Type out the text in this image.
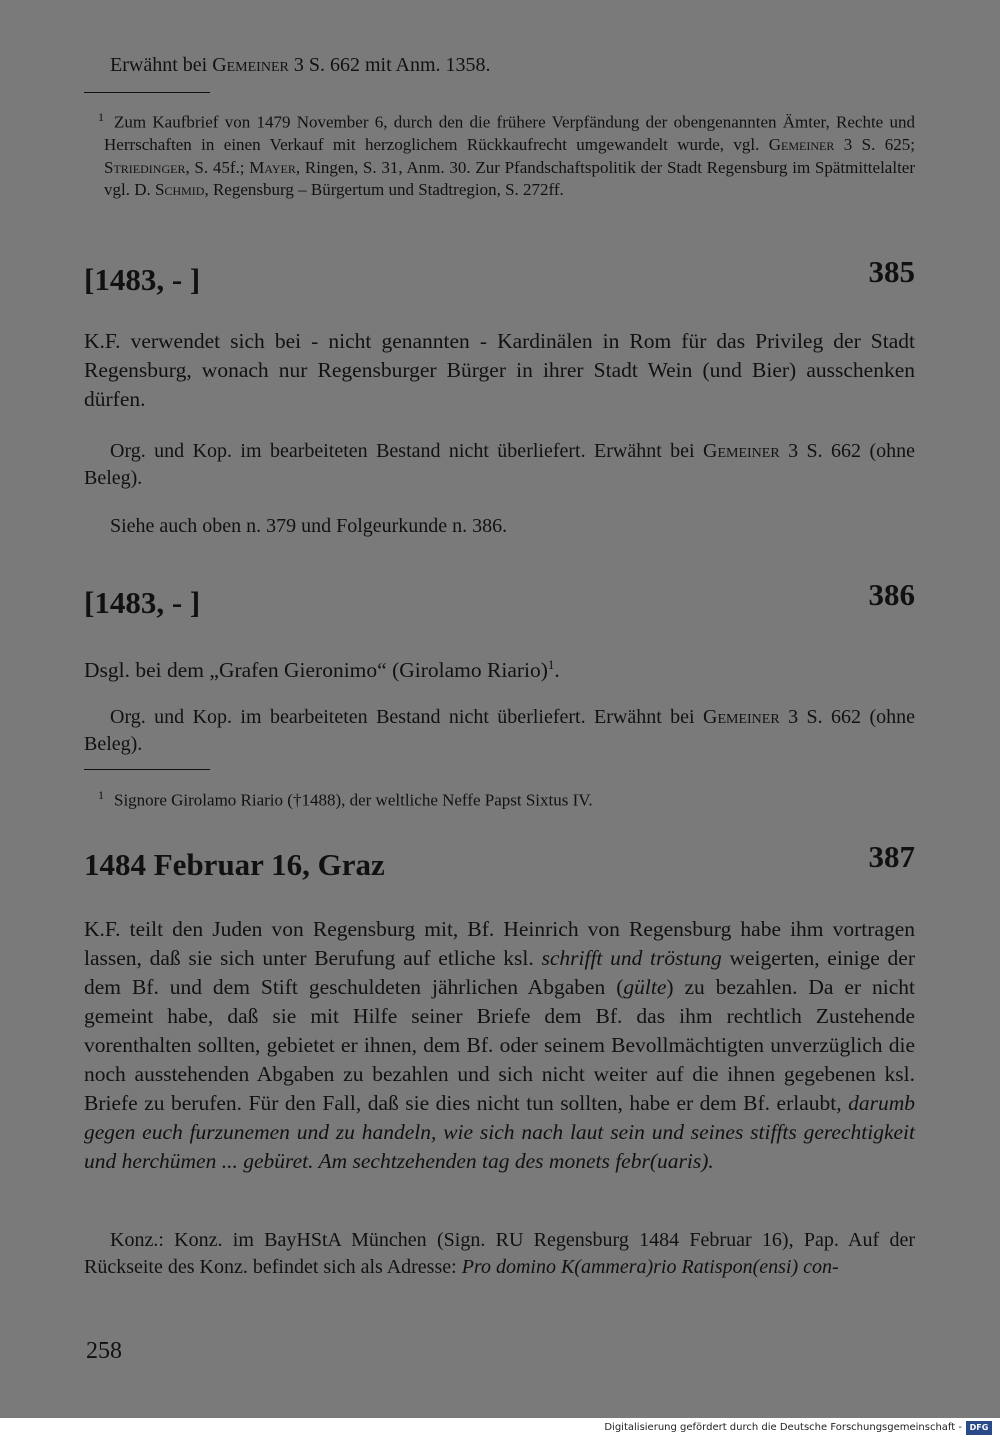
Erwähnt bei Gemeiner 3 S. 662 mit Anm. 1358.

$^1$ Zum Kaufbrief von 1479 November 6, durch den die frühere Verpfändung der obengenannten Ämter, Rechte und Herrschaften in einen Verkauf mit herzoglichem Rückkaufrecht umgewandelt wurde, vgl. Gemeiner 3 S. 625; Striedinger, S. 45f.; Mayer, Ringen, S. 31, Anm. 30. Zur Pfandschaftspolitik der Stadt Regensburg im Spätmittelalter vgl. D. Schmid, Regensburg – Bürgertum und Stadtregion, S. 272ff.

[1483, - ]	385

K.F. verwendet sich bei - nicht genannten - Kardinälen in Rom für das Privileg der Stadt Regensburg, wonach nur Regensburger Bürger in ihrer Stadt Wein (und Bier) ausschenken dürfen.

Org. und Kop. im bearbeiteten Bestand nicht überliefert. Erwähnt bei Gemeiner 3 S. 662 (ohne Beleg).

Siehe auch oben n. 379 und Folgeurkunde n. 386.

[1483, - ]	386

Dsgl. bei dem „Grafen Gieronimo“ (Girolamo Riario)$^1$.

Org. und Kop. im bearbeiteten Bestand nicht überliefert. Erwähnt bei Gemeiner 3 S. 662 (ohne Beleg).

$^1$ Signore Girolamo Riario (†1488), der weltliche Neffe Papst Sixtus IV.

1484 Februar 16, Graz	387

K.F. teilt den Juden von Regensburg mit, Bf. Heinrich von Regensburg habe ihm vortragen lassen, daß sie sich unter Berufung auf etliche ksl. schrifft und tröstung weigerten, einige der dem Bf. und dem Stift geschuldeten jährlichen Abgaben (gülte) zu bezahlen. Da er nicht gemeint habe, daß sie mit Hilfe seiner Briefe dem Bf. das ihm rechtlich Zustehende vorenthalten sollten, gebietet er ihnen, dem Bf. oder seinem Bevollmächtigten unverzüglich die noch ausstehenden Abgaben zu bezahlen und sich nicht weiter auf die ihnen gegebenen ksl. Briefe zu berufen. Für den Fall, daß sie dies nicht tun sollten, habe er dem Bf. erlaubt, darumb gegen euch furzunemen und zu handeln, wie sich nach laut sein und seines stiffts gerechtigkeit und herchümen ... gebüret. Am sechtzehenden tag des monets febr(uaris).

Konz.: Konz. im BayHStA München (Sign. RU Regensburg 1484 Februar 16), Pap. Auf der Rückseite des Konz. befindet sich als Adresse: Pro domino K(ammera)rio Ratispon(ensi) con-

258
Digitalisierung gefördert durch die Deutsche Forschungsgemeinschaft - DFG
